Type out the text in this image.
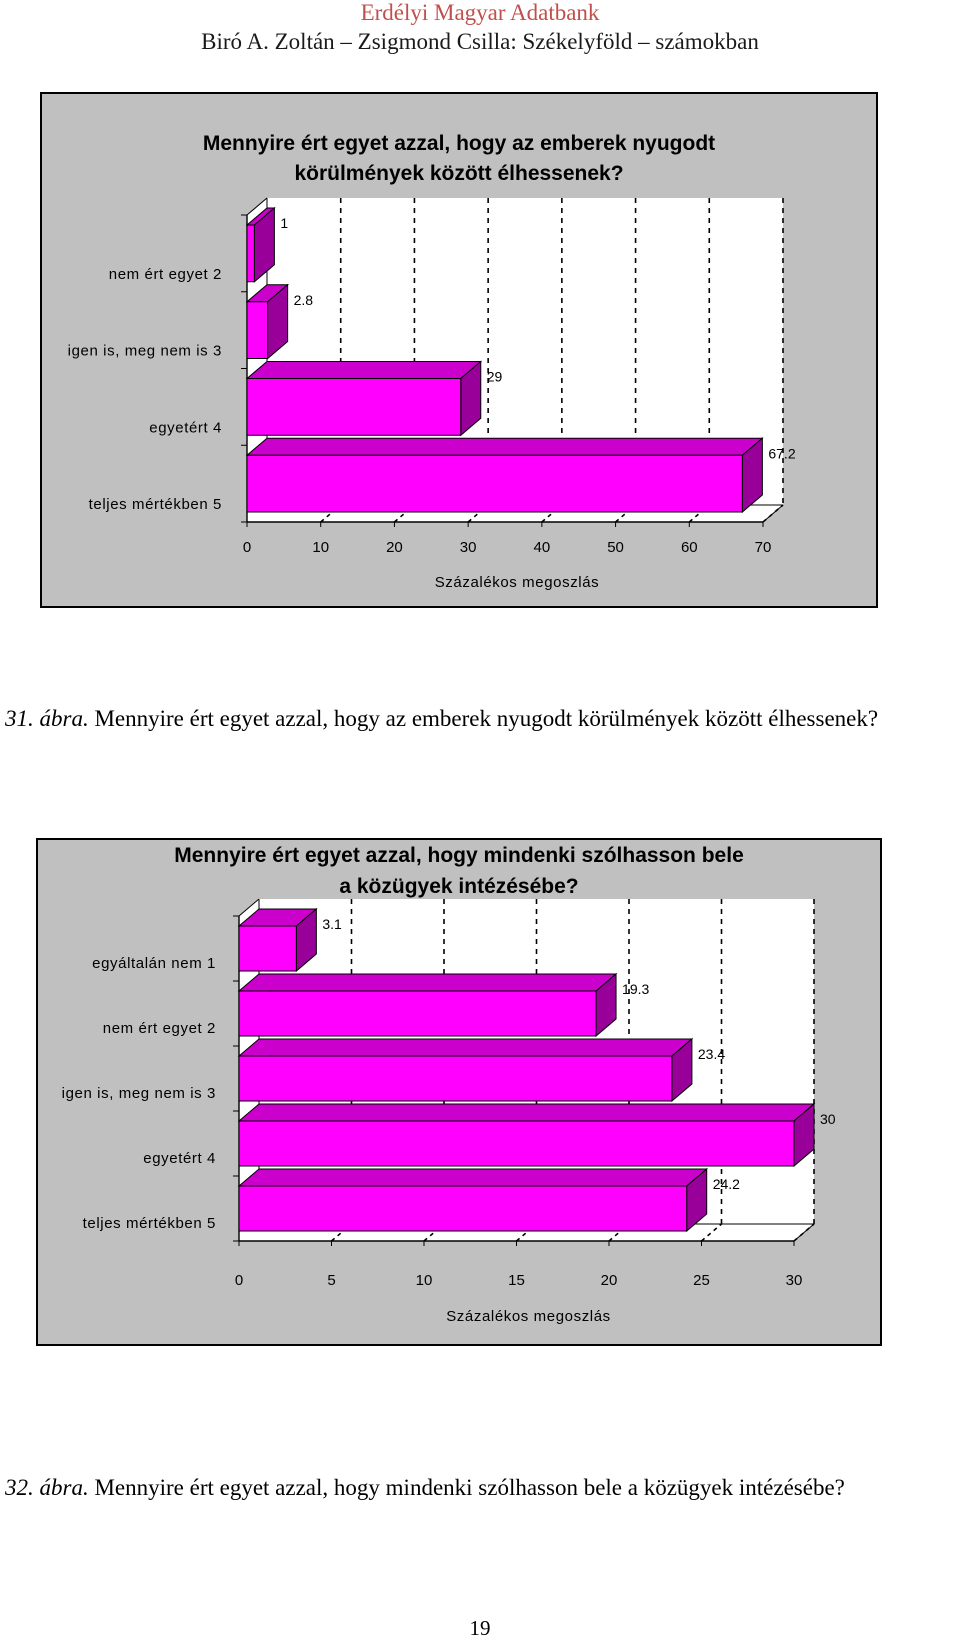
Erdélyi Magyar Adatbank
Biró A. Zoltán – Zsigmond Csilla: Székelyföld – számokban
Mennyire ért egyet azzal, hogy az emberek nyugodt
körülmények között élhessenek?
0	10	20	30	40	50	60	70
1
nem ért egyet 2
2.8
igen is, meg nem is 3
29
egyetért 4
67.2
teljes mértékben 5
Százalékos megoszlás
31. ábra. Mennyire ért egyet azzal, hogy az emberek nyugodt körülmények között élhessenek?
Mennyire ért egyet azzal, hogy mindenki szólhasson bele
a közügyek intézésébe?
0	5	10	15	20	25	30
3.1
egyáltalán nem 1
19.3
nem ért egyet 2
23.4
igen is, meg nem is 3
30
egyetért 4
24.2
teljes mértékben 5
Százalékos megoszlás
32. ábra. Mennyire ért egyet azzal, hogy mindenki szólhasson bele a közügyek intézésébe?
19
